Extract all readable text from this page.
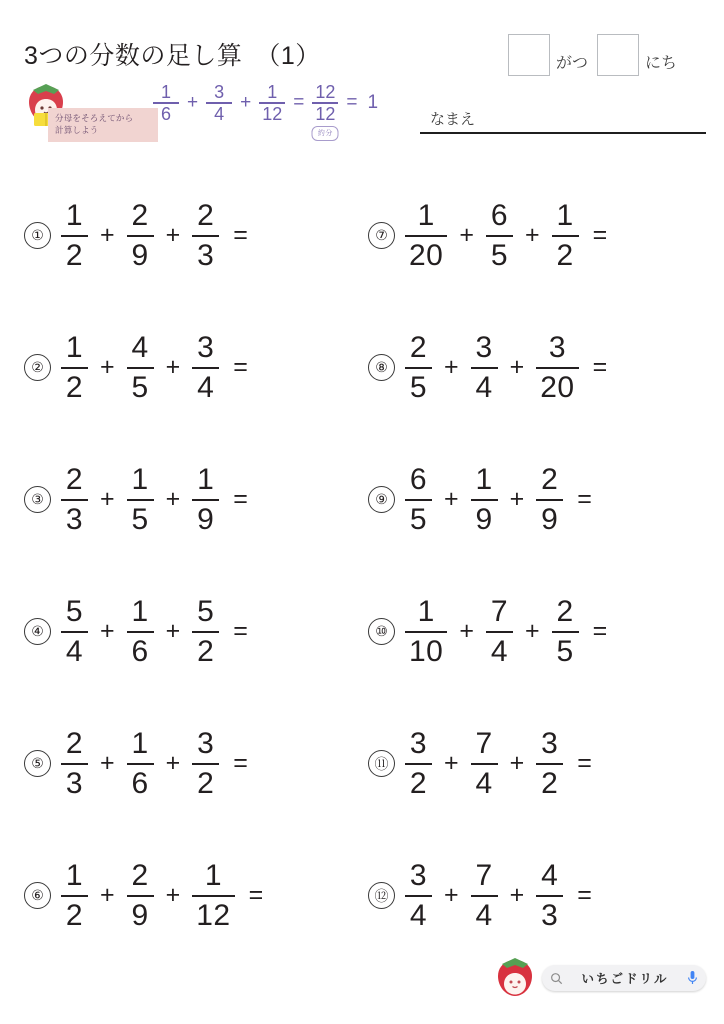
3つの分数の足し算　（1）	がつ	にち
なまえ
分母をそろえてから
計算しよう
$\frac{1}{6} + \frac{3}{4} + \frac{1}{12} = \frac{\frac{12}{12}}{\text{約分}} = 1$
① $\frac{1}{2} + \frac{2}{9} + \frac{2}{3}$ =	⑦ $\frac{1}{20} + \frac{6}{5} + \frac{1}{2}$ =
② $\frac{1}{2} + \frac{4}{5} + \frac{3}{4}$ =	⑧ $\frac{2}{5} + \frac{3}{4} + \frac{3}{20}$ =
③ $\frac{2}{3} + \frac{1}{5} + \frac{1}{9}$ =	⑨ $\frac{6}{5} + \frac{1}{9} + \frac{2}{9}$ =
④ $\frac{5}{4} + \frac{1}{6} + \frac{5}{2}$ =	⑩ $\frac{1}{10} + \frac{7}{4} + \frac{2}{5}$ =
⑤ $\frac{2}{3} + \frac{1}{6} + \frac{3}{2}$ =	⑪ $\frac{3}{2} + \frac{7}{4} + \frac{3}{2}$ =
⑥ $\frac{1}{2} + \frac{2}{9} + \frac{1}{12}$ =	⑫ $\frac{3}{4} + \frac{7}{4} + \frac{4}{3}$ =
いちごドリル
